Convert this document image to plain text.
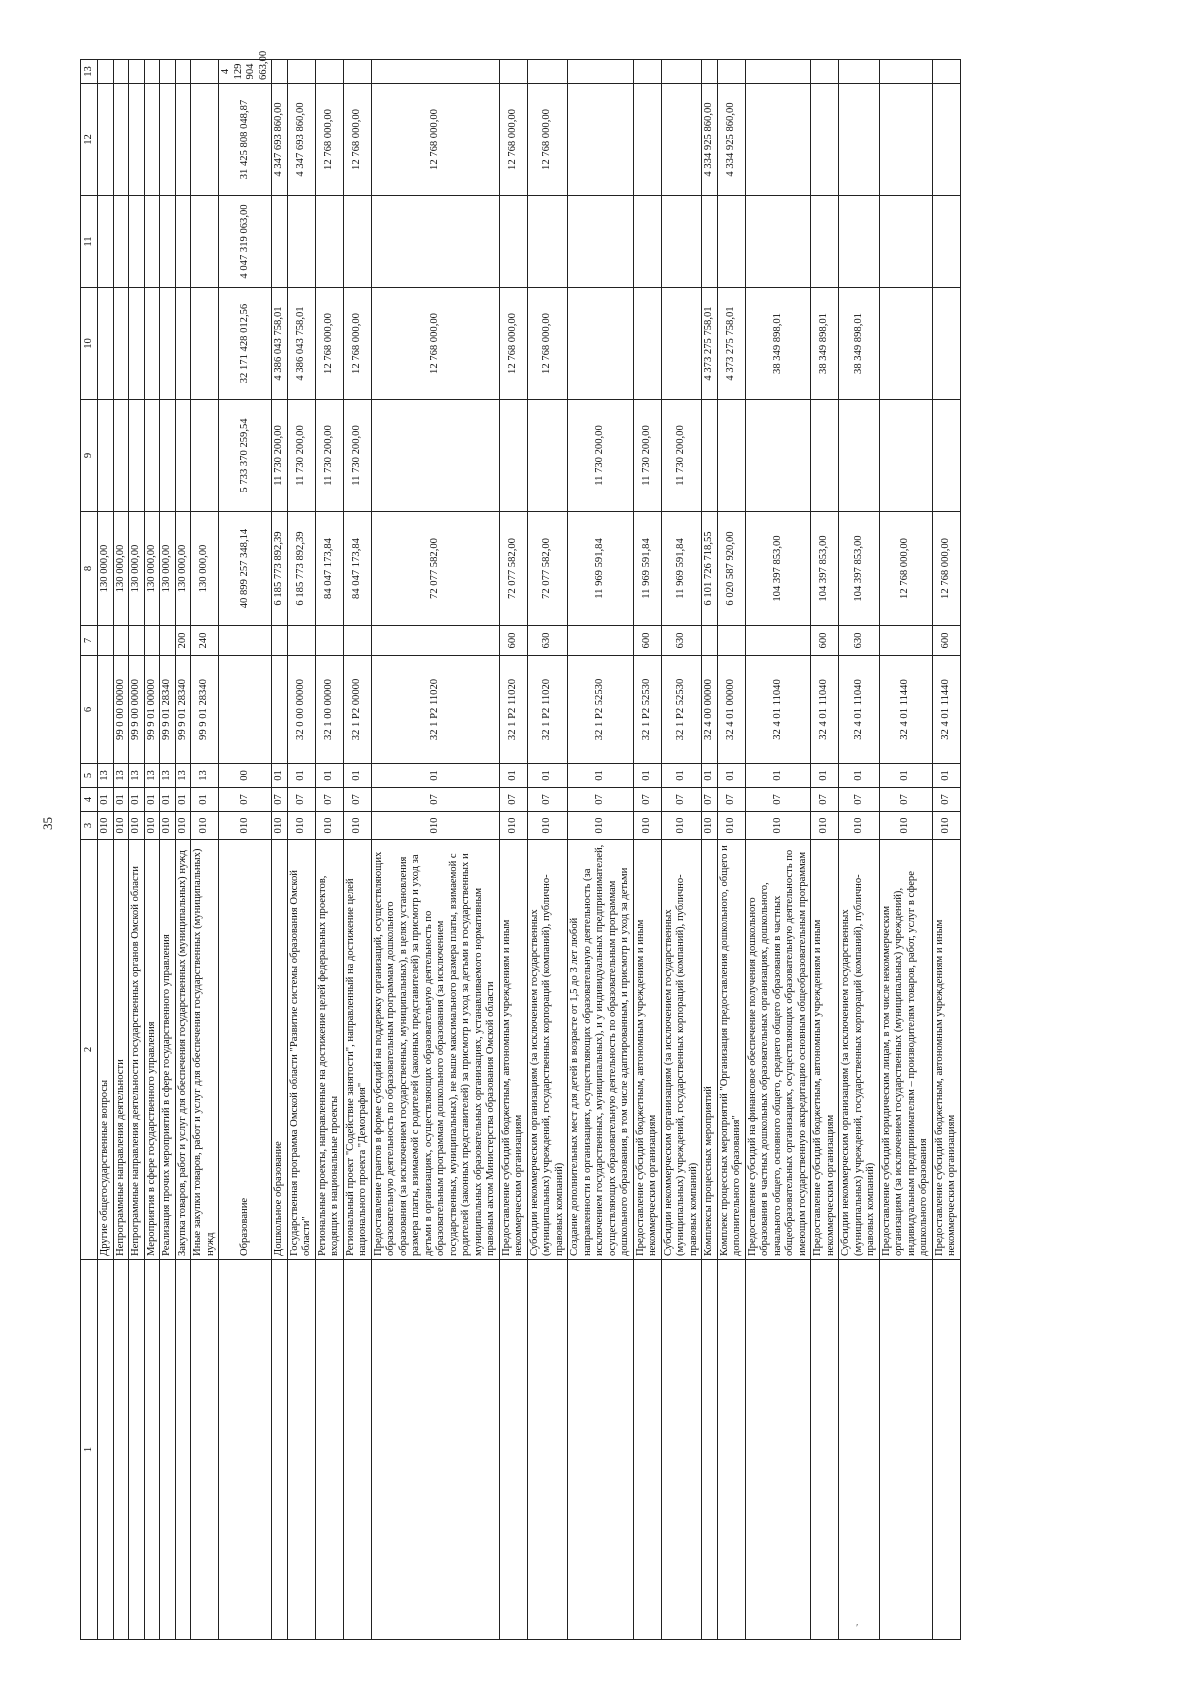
35
1	2	3	4	5	6	7	8	9	10	11	12	13
	Другие общегосударственные вопросы	010	01	13			130 000,00					
	Непрограммные направления деятельности	010	01	13	99 0 00 00000		130 000,00					
	Непрограммные направления деятельности государственных органов Омской области	010	01	13	99 9 00 00000		130 000,00					
	Мероприятия в сфере государственного управления	010	01	13	99 9 01 00000		130 000,00					
	Реализация прочих мероприятий в сфере государственного управления	010	01	13	99 9 01 28340		130 000,00					
	Закупка товаров, работ и услуг для обеспечения государственных (муниципальных) нужд	010	01	13	99 9 01 28340	200	130 000,00					
	Иные закупки товаров, работ и услуг для обеспечения государственных (муниципальных) нужд	010	01	13	99 9 01 28340	240	130 000,00					
	Образование	010	07	00			40 899 257 348,14	5 733 370 259,54	32 171 428 012,56	4 047 319 063,00	31 425 808 048,87	4 129 904 663,00
	Дошкольное образование	010	07	01			6 185 773 892,39	11 730 200,00	4 386 043 758,01		4 347 693 860,00	
	Государственная программа Омской области "Развитие системы образования Омской области"	010	07	01	32 0 00 00000		6 185 773 892,39	11 730 200,00	4 386 043 758,01		4 347 693 860,00	
	Региональные проекты, направленные на достижение целей федеральных проектов, входящих в национальные проекты	010	07	01	32 1 00 00000		84 047 173,84	11 730 200,00	12 768 000,00		12 768 000,00	
	Региональный проект "Содействие занятости", направленный на достижение целей национального проекта "Демография"	010	07	01	32 1 P2 00000		84 047 173,84	11 730 200,00	12 768 000,00		12 768 000,00	
	Предоставление грантов в форме субсидий на поддержку организаций, осуществляющих образовательную деятельность по образовательным программам дошкольного образования (за исключением государственных, муниципальных), в целях установления размера платы, взимаемой с родителей (законных представителей) за присмотр и уход за детьми в организациях, осуществляющих образовательную деятельность по образовательным программам дошкольного образования (за исключением государственных, муниципальных), не выше максимального размера платы, взимаемой с родителей (законных представителей) за присмотр и уход за детьми в государственных и муниципальных образовательных организациях, устанавливаемого нормативным правовым актом Министерства образования Омской области	010	07	01	32 1 P2 11020		72 077 582,00		12 768 000,00		12 768 000,00	
	Предоставление субсидий бюджетным, автономным учреждениям и иным некоммерческим организациям	010	07	01	32 1 P2 11020	600	72 077 582,00		12 768 000,00		12 768 000,00	
	Субсидии некоммерческим организациям (за исключением государственных (муниципальных) учреждений, государственных корпораций (компаний), публично-правовых компаний)	010	07	01	32 1 P2 11020	630	72 077 582,00		12 768 000,00		12 768 000,00	
	Создание дополнительных мест для детей в возрасте от 1,5 до 3 лет любой направленности в организациях, осуществляющих образовательную деятельность (за исключением государственных, муниципальных), и у индивидуальных предпринимателей, осуществляющих образовательную деятельность по образовательным программам дошкольного образования, в том числе адаптированным, и присмотр и уход за детьми	010	07	01	32 1 P2 52530		11 969 591,84	11 730 200,00				
	Предоставление субсидий бюджетным, автономным учреждениям и иным некоммерческим организациям	010	07	01	32 1 P2 52530	600	11 969 591,84	11 730 200,00				
	Субсидии некоммерческим организациям (за исключением государственных (муниципальных) учреждений, государственных корпораций (компаний), публично-правовых компаний)	010	07	01	32 1 P2 52530	630	11 969 591,84	11 730 200,00				
	Комплексы процессных мероприятий	010	07	01	32 4 00 00000		6 101 726 718,55		4 373 275 758,01		4 334 925 860,00	
	Комплекс процессных мероприятий "Организация предоставления дошкольного, общего и дополнительного образования"	010	07	01	32 4 01 00000		6 020 587 920,00		4 373 275 758,01		4 334 925 860,00	
	Предоставление субсидий на финансовое обеспечение получения дошкольного образования в частных дошкольных образовательных организациях, дошкольного, начального общего, основного общего, среднего общего образования в частных общеобразовательных организациях, осуществляющих образовательную деятельность по имеющим государственную аккредитацию основным общеобразовательным программам	010	07	01	32 4 01 11040		104 397 853,00		38 349 898,01			
	Предоставление субсидий бюджетным, автономным учреждениям и иным некоммерческим организациям	010	07	01	32 4 01 11040	600	104 397 853,00		38 349 898,01			
	Субсидии некоммерческим организациям (за исключением государственных (муниципальных) учреждений, государственных корпораций (компаний), публично-правовых компаний)	010	07	01	32 4 01 11040	630	104 397 853,00		38 349 898,01			
	Предоставление субсидий юридическим лицам, в том числе некоммерческим организациям (за исключением государственных (муниципальных) учреждений), индивидуальным предпринимателям – производителям товаров, работ, услуг в сфере дошкольного образования	010	07	01	32 4 01 11440		12 768 000,00					
	Предоставление субсидий бюджетным, автономным учреждениям и иным некоммерческим организациям	010	07	01	32 4 01 11440	600	12 768 000,00					
′
